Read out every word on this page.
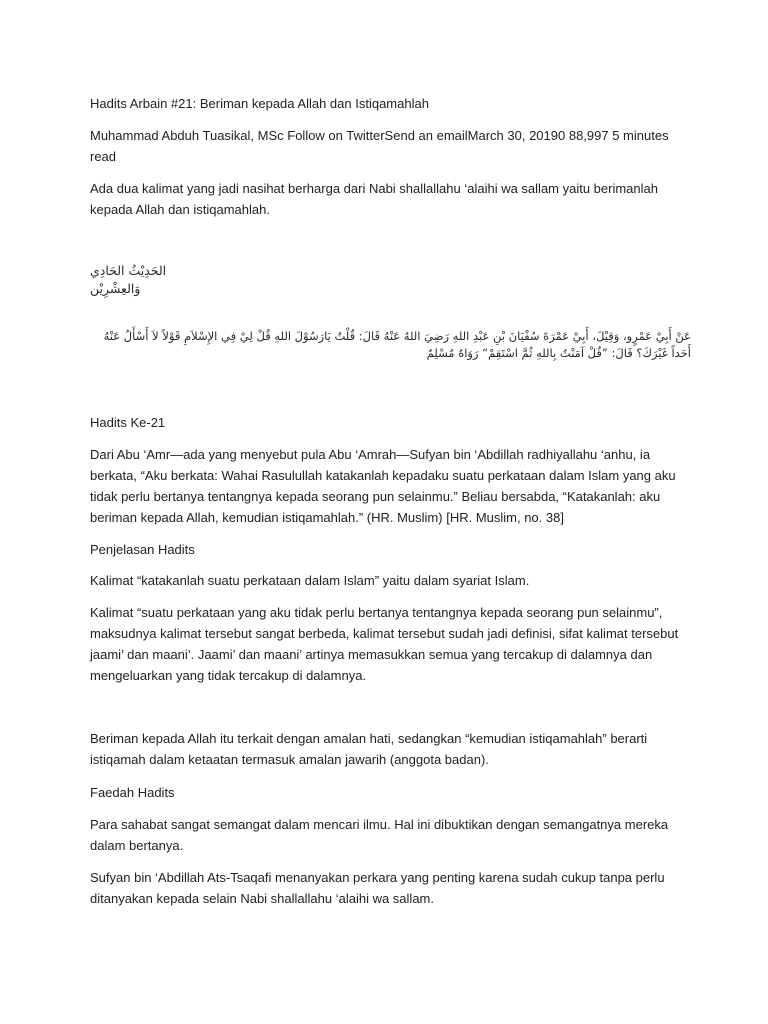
Hadits Arbain #21: Beriman kepada Allah dan Istiqamahlah

Muhammad Abduh Tuasikal, MSc Follow on TwitterSend an emailMarch 30, 20190 88,997 5 minutes read

Ada dua kalimat yang jadi nasihat berharga dari Nabi shallallahu ‘alaihi wa sallam yaitu berimanlah kepada Allah dan istiqamahlah.

الحَدِيْثُ الحَادِي وَالعِشْرِيْن

عَنْ أَبِيْ عَمْرٍو، وَقِيْلَ، أَبِيْ عَمْرَةَ سُفْيَانَ بْنِ عَبْدِ اللهِ رَضِيَ اللهُ عَنْهُ قَالَ: قُلْتُ يَارَسُوْلَ اللهِ قُلْ لِيْ فِي الإِسْلاَمِ قَوْلاً لاَ أَسْأَلُ عَنْهُ أَحَداً غَيْرَكَ؟ قَالَ: ”قُلْ آمَنْتُ بِاللهِ ثُمَّ اسْتَقِمْ“ رَوَاهُ مُسْلِمٌ

Hadits Ke-21

Dari Abu ‘Amr—ada yang menyebut pula Abu ‘Amrah—Sufyan bin ‘Abdillah radhiyallahu ‘anhu, ia berkata, “Aku berkata: Wahai Rasulullah katakanlah kepadaku suatu perkataan dalam Islam yang aku tidak perlu bertanya tentangnya kepada seorang pun selainmu.” Beliau bersabda, “Katakanlah: aku beriman kepada Allah, kemudian istiqamahlah.” (HR. Muslim) [HR. Muslim, no. 38]

Penjelasan Hadits

Kalimat “katakanlah suatu perkataan dalam Islam” yaitu dalam syariat Islam.

Kalimat “suatu perkataan yang aku tidak perlu bertanya tentangnya kepada seorang pun selainmu”, maksudnya kalimat tersebut sangat berbeda, kalimat tersebut sudah jadi definisi, sifat kalimat tersebut jaami’ dan maani’. Jaami’ dan maani’ artinya memasukkan semua yang tercakup di dalamnya dan mengeluarkan yang tidak tercakup di dalamnya.

Beriman kepada Allah itu terkait dengan amalan hati, sedangkan “kemudian istiqamahlah” berarti istiqamah dalam ketaatan termasuk amalan jawarih (anggota badan).

Faedah Hadits

Para sahabat sangat semangat dalam mencari ilmu. Hal ini dibuktikan dengan semangatnya mereka dalam bertanya.

Sufyan bin ‘Abdillah Ats-Tsaqafi menanyakan perkara yang penting karena sudah cukup tanpa perlu ditanyakan kepada selain Nabi shallallahu ‘alaihi wa sallam.
